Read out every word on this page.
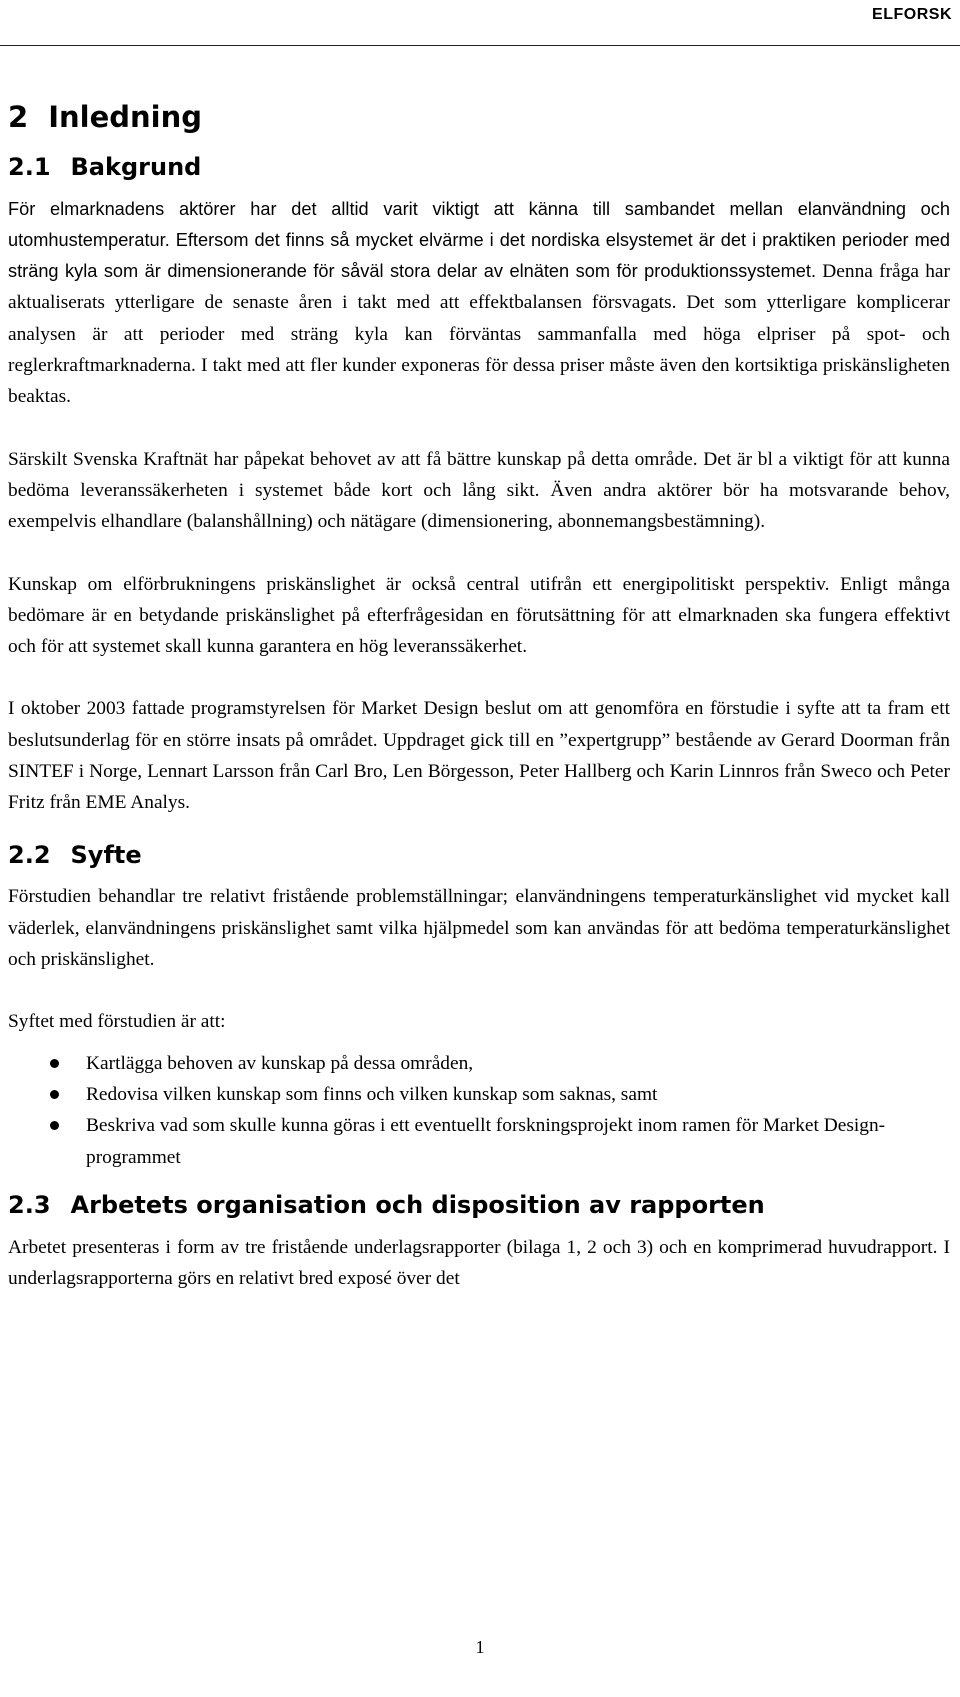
ELFORSK
2 Inledning
2.1 Bakgrund

För elmarknadens aktörer har det alltid varit viktigt att känna till sambandet mellan elanvändning och utomhustemperatur. Eftersom det finns så mycket elvärme i det nordiska elsystemet är det i praktiken perioder med sträng kyla som är dimensionerande för såväl stora delar av elnäten som för produktionssystemet. Denna fråga har aktualiserats ytterligare de senaste åren i takt med att effektbalansen försvagats. Det som ytterligare komplicerar analysen är att perioder med sträng kyla kan förväntas sammanfalla med höga elpriser på spot- och reglerkraftmarknaderna. I takt med att fler kunder exponeras för dessa priser måste även den kortsiktiga priskänsligheten beaktas.

Särskilt Svenska Kraftnät har påpekat behovet av att få bättre kunskap på detta område. Det är bl a viktigt för att kunna bedöma leveranssäkerheten i systemet både kort och lång sikt. Även andra aktörer bör ha motsvarande behov, exempelvis elhandlare (balanshållning) och nätägare (dimensionering, abonnemangsbestämning).

Kunskap om elförbrukningens priskänslighet är också central utifrån ett energipolitiskt perspektiv. Enligt många bedömare är en betydande priskänslighet på efterfrågesidan en förutsättning för att elmarknaden ska fungera effektivt och för att systemet skall kunna garantera en hög leveranssäkerhet.

I oktober 2003 fattade programstyrelsen för Market Design beslut om att genomföra en förstudie i syfte att ta fram ett beslutsunderlag för en större insats på området. Uppdraget gick till en ”expertgrupp” bestående av Gerard Doorman från SINTEF i Norge, Lennart Larsson från Carl Bro, Len Börgesson, Peter Hallberg och Karin Linnros från Sweco och Peter Fritz från EME Analys.

2.2 Syfte

Förstudien behandlar tre relativt fristående problemställningar; elanvändningens temperaturkänslighet vid mycket kall väderlek, elanvändningens priskänslighet samt vilka hjälpmedel som kan användas för att bedöma temperaturkänslighet och priskänslighet.

Syftet med förstudien är att:

Kartlägga behoven av kunskap på dessa områden,
Redovisa vilken kunskap som finns och vilken kunskap som saknas, samt
Beskriva vad som skulle kunna göras i ett eventuellt forskningsprojekt inom ramen för Market Design-programmet
2.3 Arbetets organisation och disposition av rapporten

Arbetet presenteras i form av tre fristående underlagsrapporter (bilaga 1, 2 och 3) och en komprimerad huvudrapport. I underlagsrapporterna görs en relativt bred exposé över det

1
